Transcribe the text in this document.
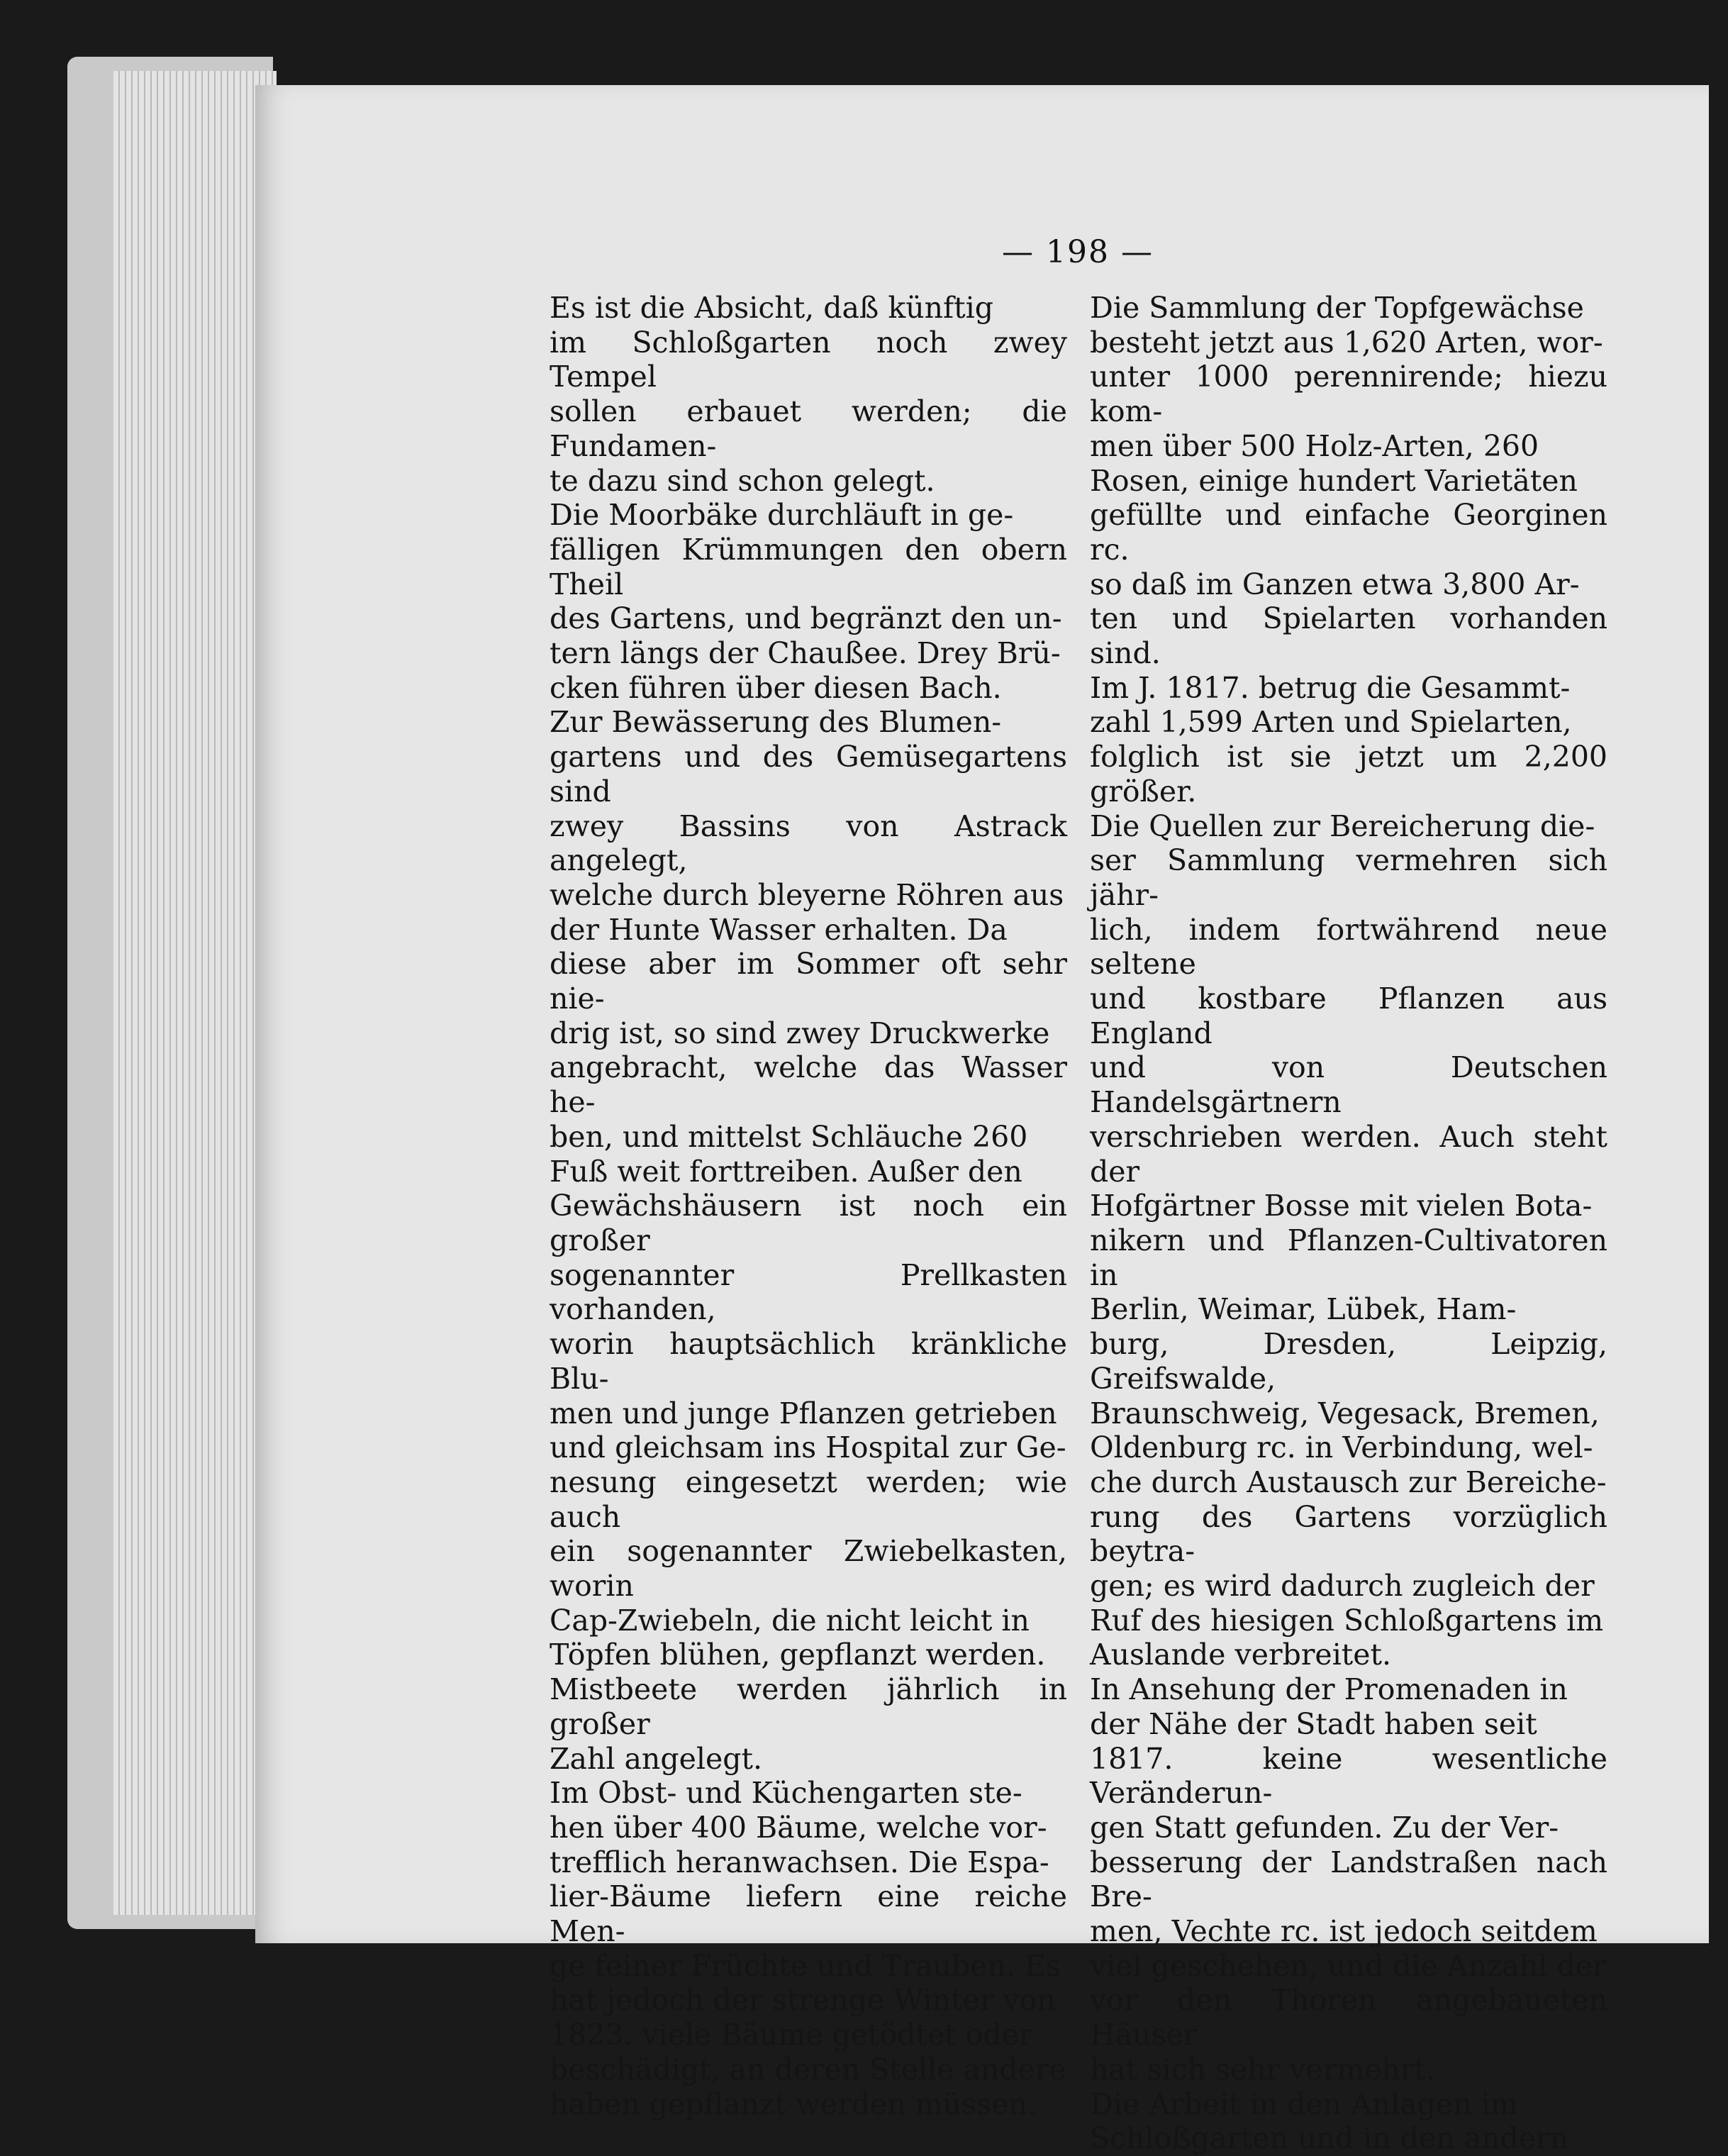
— 198 —

Es ist die Absicht, daß künftig
im Schloßgarten noch zwey Tempel
sollen erbauet werden; die Fundamen-
te dazu sind schon gelegt.

Die Moorbäke durchläuft in ge-
fälligen Krümmungen den obern Theil
des Gartens, und begränzt den un-
tern längs der Chaußee. Drey Brü-
cken führen über diesen Bach.

Zur Bewässerung des Blumen-
gartens und des Gemüsegartens sind
zwey Bassins von Astrack angelegt,
welche durch bleyerne Röhren aus
der Hunte Wasser erhalten. Da
diese aber im Sommer oft sehr nie-
drig ist, so sind zwey Druckwerke
angebracht, welche das Wasser he-
ben, und mittelst Schläuche 260
Fuß weit forttreiben. Außer den
Gewächshäusern ist noch ein großer
sogenannter Prellkasten vorhanden,
worin hauptsächlich kränkliche Blu-
men und junge Pflanzen getrieben
und gleichsam ins Hospital zur Ge-
nesung eingesetzt werden; wie auch
ein sogenannter Zwiebelkasten, worin
Cap-Zwiebeln, die nicht leicht in
Töpfen blühen, gepflanzt werden.
Mistbeete werden jährlich in großer
Zahl angelegt.

Im Obst- und Küchengarten ste-
hen über 400 Bäume, welche vor-
trefflich heranwachsen. Die Espa-
lier-Bäume liefern eine reiche Men-
ge feiner Früchte und Trauben. Es
hat jedoch der strenge Winter von
1823. viele Bäume getödtet oder
beschädigt, an deren Stelle andere
haben gepflanzt werden müssen.

Die Sammlung der Topfgewächse
besteht jetzt aus 1,620 Arten, wor-
unter 1000 perennirende; hiezu kom-
men über 500 Holz-Arten, 260
Rosen, einige hundert Varietäten
gefüllte und einfache Georginen rc.
so daß im Ganzen etwa 3,800 Ar-
ten und Spielarten vorhanden sind.
Im J. 1817. betrug die Gesammt-
zahl 1,599 Arten und Spielarten,
folglich ist sie jetzt um 2,200 größer.

Die Quellen zur Bereicherung die-
ser Sammlung vermehren sich jähr-
lich, indem fortwährend neue seltene
und kostbare Pflanzen aus England
und von Deutschen Handelsgärtnern
verschrieben werden. Auch steht der
Hofgärtner Bosse mit vielen Bota-
nikern und Pflanzen-Cultivatoren in
Berlin, Weimar, Lübek, Ham-
burg, Dresden, Leipzig, Greifswalde,
Braunschweig, Vegesack, Bremen,
Oldenburg rc. in Verbindung, wel-
che durch Austausch zur Bereiche-
rung des Gartens vorzüglich beytra-
gen; es wird dadurch zugleich der
Ruf des hiesigen Schloßgartens im
Auslande verbreitet.

In Ansehung der Promenaden in
der Nähe der Stadt haben seit
1817. keine wesentliche Veränderun-
gen Statt gefunden. Zu der Ver-
besserung der Landstraßen nach Bre-
men, Vechte rc. ist jedoch seitdem
viel geschehen, und die Anzahl der
vor den Thoren angebaueten Häuser
hat sich sehr vermehrt.

Die Arbeit in den Anlagen im
Schloßgarten und in den andern
